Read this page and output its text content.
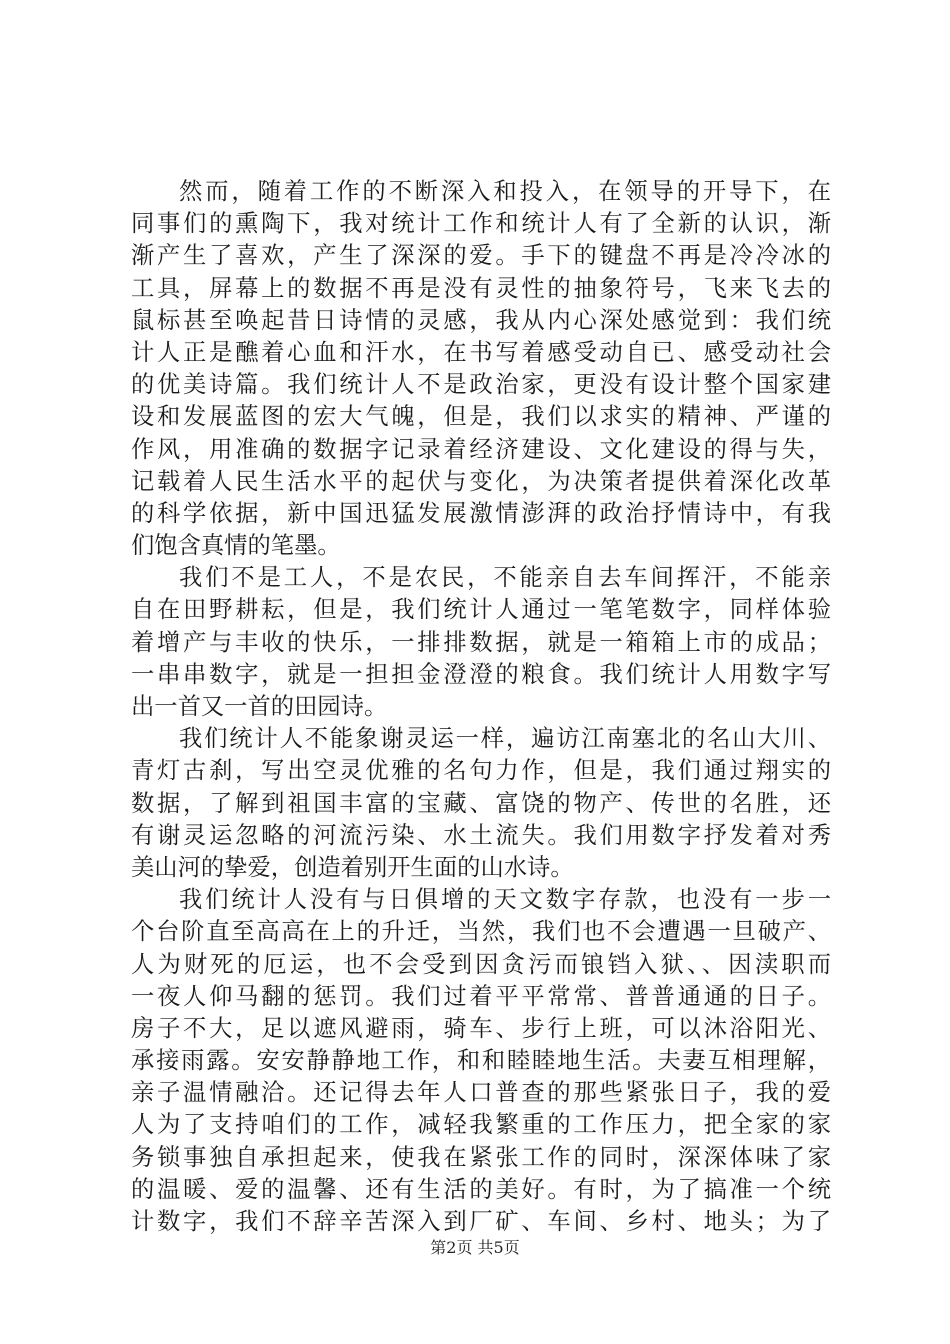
然而，随着工作的不断深入和投入，在领导的开导下，在
同事们的熏陶下，我对统计工作和统计人有了全新的认识，渐
渐产生了喜欢，产生了深深的爱。手下的键盘不再是冷冷冰的
工具，屏幕上的数据不再是没有灵性的抽象符号，飞来飞去的
鼠标甚至唤起昔日诗情的灵感，我从内心深处感觉到：我们统
计人正是醮着心血和汗水，在书写着感受动自已、感受动社会
的优美诗篇。我们统计人不是政治家，更没有设计整个国家建
设和发展蓝图的宏大气魄，但是，我们以求实的精神、严谨的
作风，用准确的数据字记录着经济建设、文化建设的得与失，
记载着人民生活水平的起伏与变化，为决策者提供着深化改革
的科学依据，新中国迅猛发展激情澎湃的政治抒情诗中，有我
们饱含真情的笔墨。
我们不是工人，不是农民，不能亲自去车间挥汗，不能亲
自在田野耕耘，但是，我们统计人通过一笔笔数字，同样体验
着增产与丰收的快乐，一排排数据，就是一箱箱上市的成品；
一串串数字，就是一担担金澄澄的粮食。我们统计人用数字写
出一首又一首的田园诗。
我们统计人不能象谢灵运一样，遍访江南塞北的名山大川、
青灯古刹，写出空灵优雅的名句力作，但是，我们通过翔实的
数据，了解到祖国丰富的宝藏、富饶的物产、传世的名胜，还
有谢灵运忽略的河流污染、水土流失。我们用数字抒发着对秀
美山河的挚爱，创造着别开生面的山水诗。
我们统计人没有与日俱增的天文数字存款，也没有一步一
个台阶直至高高在上的升迁，当然，我们也不会遭遇一旦破产、
人为财死的厄运，也不会受到因贪污而锒铛入狱、、因渎职而
一夜人仰马翻的惩罚。我们过着平平常常、普普通通的日子。
房子不大，足以遮风避雨，骑车、步行上班，可以沐浴阳光、
承接雨露。安安静静地工作，和和睦睦地生活。夫妻互相理解，
亲子温情融洽。还记得去年人口普查的那些紧张日子，我的爱
人为了支持咱们的工作，减轻我繁重的工作压力，把全家的家
务锁事独自承担起来，使我在紧张工作的同时，深深体味了家
的温暖、爱的温馨、还有生活的美好。有时，为了搞准一个统
计数字，我们不辞辛苦深入到厂矿、车间、乡村、地头；为了
第2页 共5页
